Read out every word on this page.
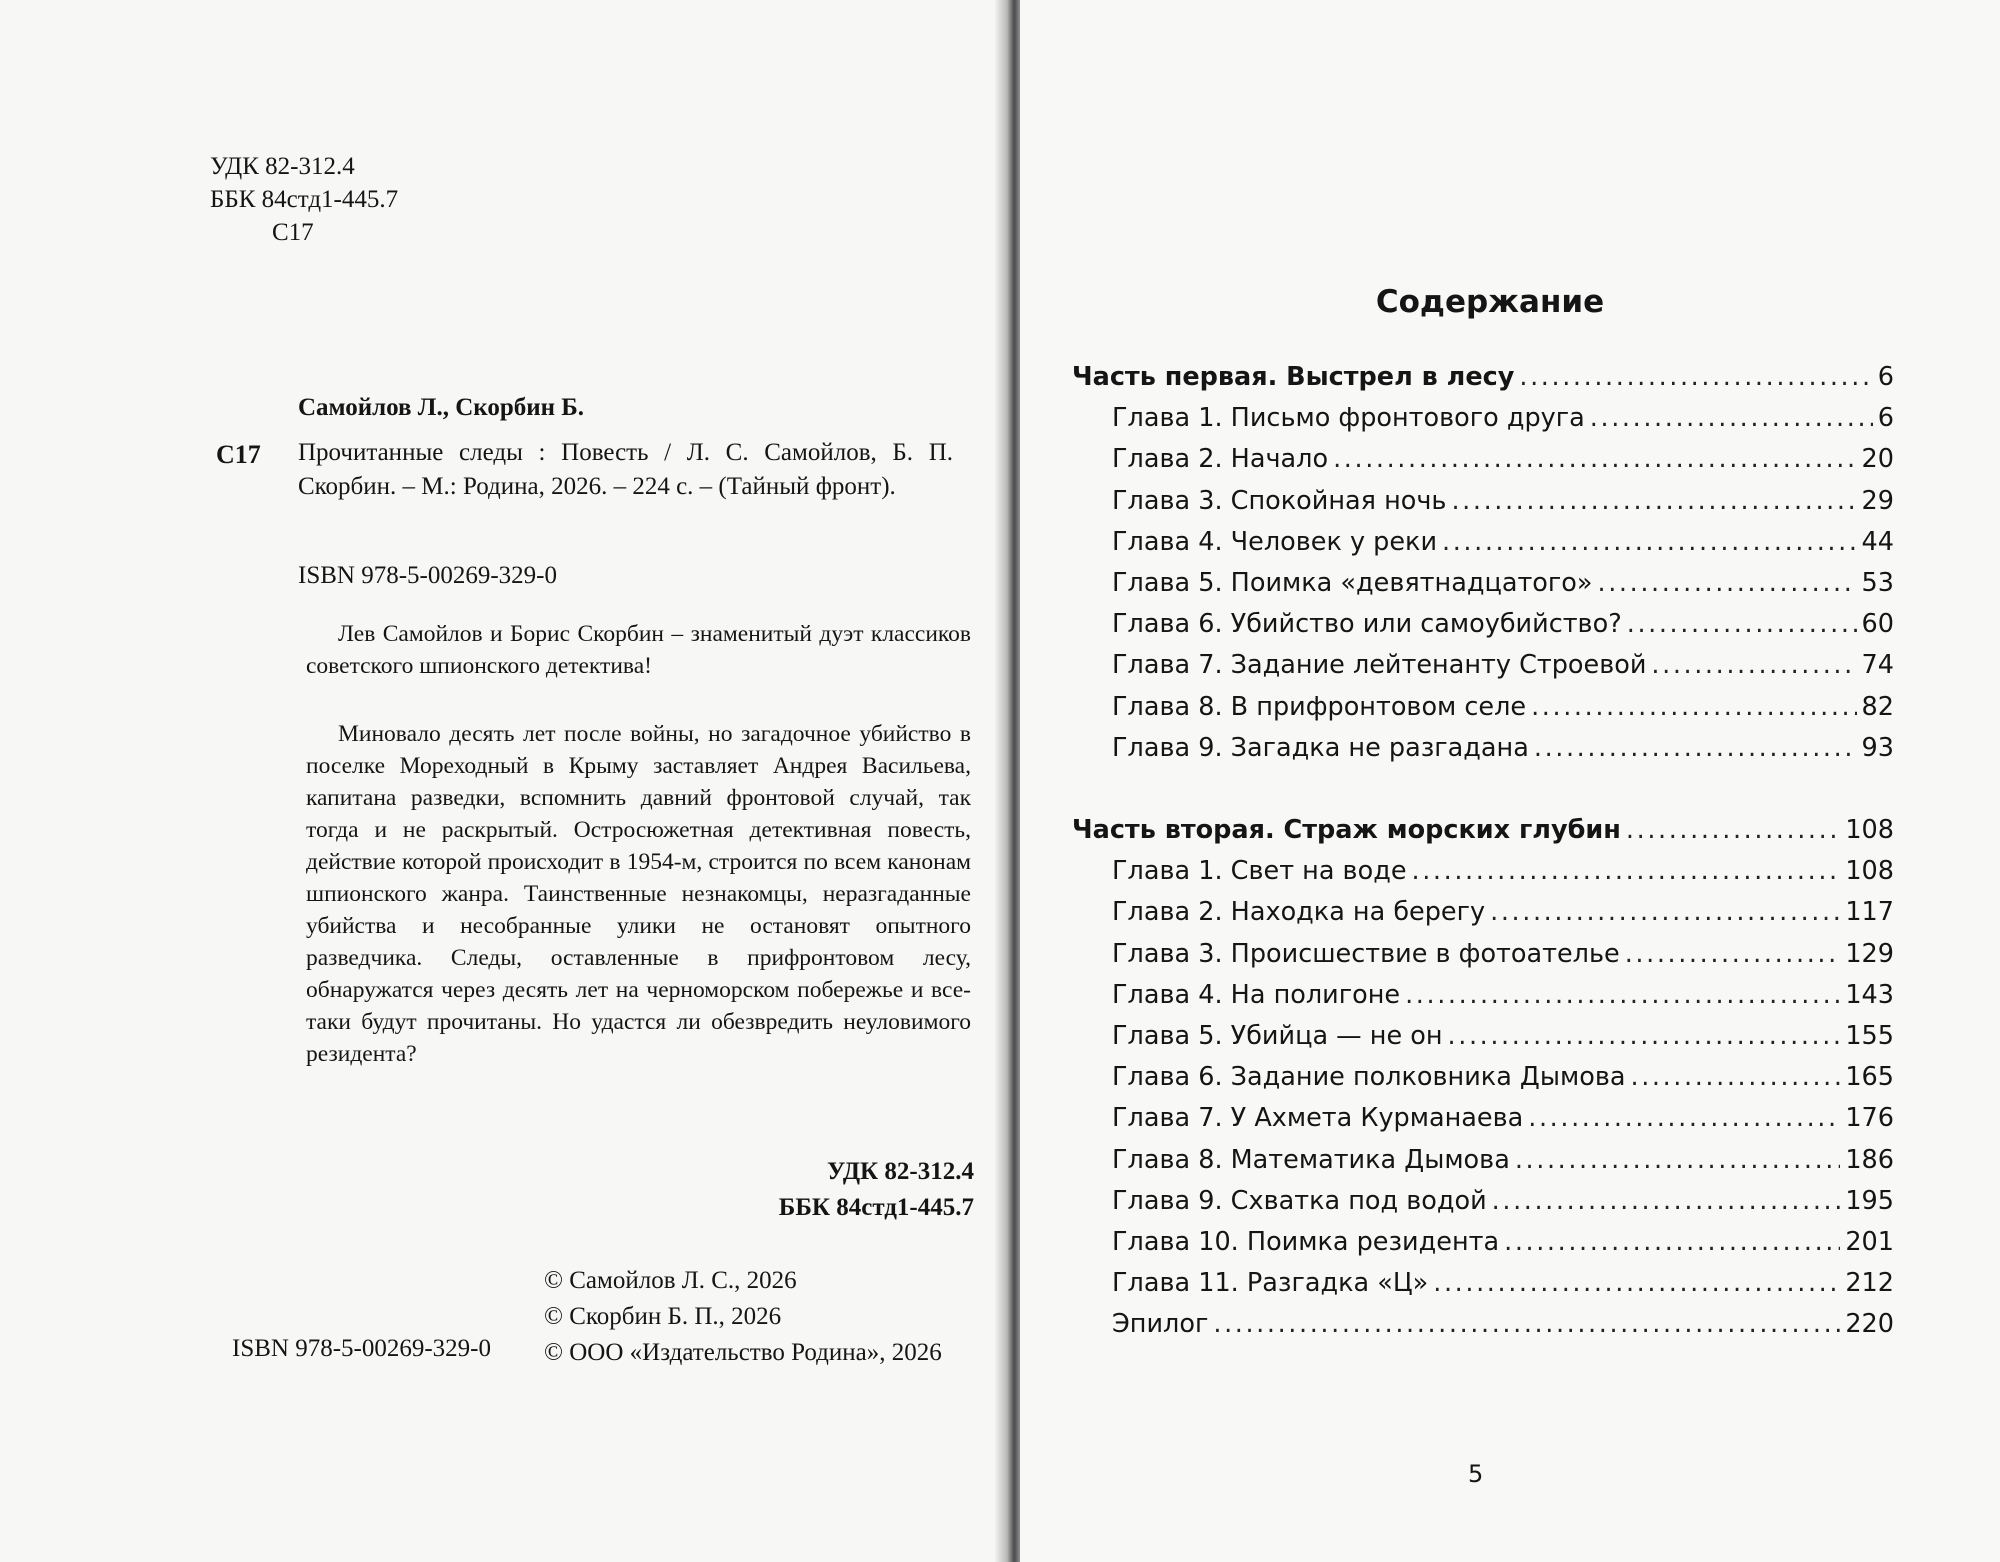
УДК 82-312.4
ББК 84стд1-445.7
С17
Самойлов Л., Скорбин Б.
С17 Прочитанные следы : Повесть / Л. С. Самойлов, Б. П. Скорбин. – М.: Родина, 2026. – 224 с. – (Тайный фронт).
ISBN 978-5-00269-329-0

Лев Самойлов и Борис Скорбин – знаменитый дуэт классиков советского шпионского детектива!

Миновало десять лет после войны, но загадочное убийство в поселке Мореходный в Крыму заставляет Андрея Васильева, капитана разведки, вспомнить давний фронтовой случай, так тогда и не раскрытый. Остросюжетная детективная повесть, действие которой происходит в 1954-м, строится по всем канонам шпионского жанра. Таинственные незнакомцы, неразгаданные убийства и несобранные улики не остановят опытного разведчика. Следы, оставленные в прифронтовом лесу, обнаружатся через десять лет на черноморском побережье и все-таки будут прочитаны. Но удастся ли обезвредить неуловимого резидента?

УДК 82-312.4
ББК 84стд1-445.7
© Самойлов Л. С., 2026
© Скорбин Б. П., 2026
© ООО «Издательство Родина», 2026
ISBN 978-5-00269-329-0
Содержание
Часть первая. Выстрел в лесу .....	6
Глава 1. Письмо фронтового друга .....	6
Глава 2. Начало .....	20
Глава 3. Спокойная ночь .....	29
Глава 4. Человек у реки .....	44
Глава 5. Поимка «девятнадцатого» .....	53
Глава 6. Убийство или самоубийство? .....	60
Глава 7. Задание лейтенанту Строевой .....	74
Глава 8. В прифронтовом селе .....	82
Глава 9. Загадка не разгадана .....	93
Часть вторая. Страж морских глубин .....	108
Глава 1. Свет на воде .....	108
Глава 2. Находка на берегу .....	117
Глава 3. Происшествие в фотоателье .....	129
Глава 4. На полигоне .....	143
Глава 5. Убийца — не он .....	155
Глава 6. Задание полковника Дымова .....	165
Глава 7. У Ахмета Курманаева .....	176
Глава 8. Математика Дымова .....	186
Глава 9. Схватка под водой .....	195
Глава 10. Поимка резидента .....	201
Глава 11. Разгадка «Ц» .....	212
Эпилог .....	220
5
